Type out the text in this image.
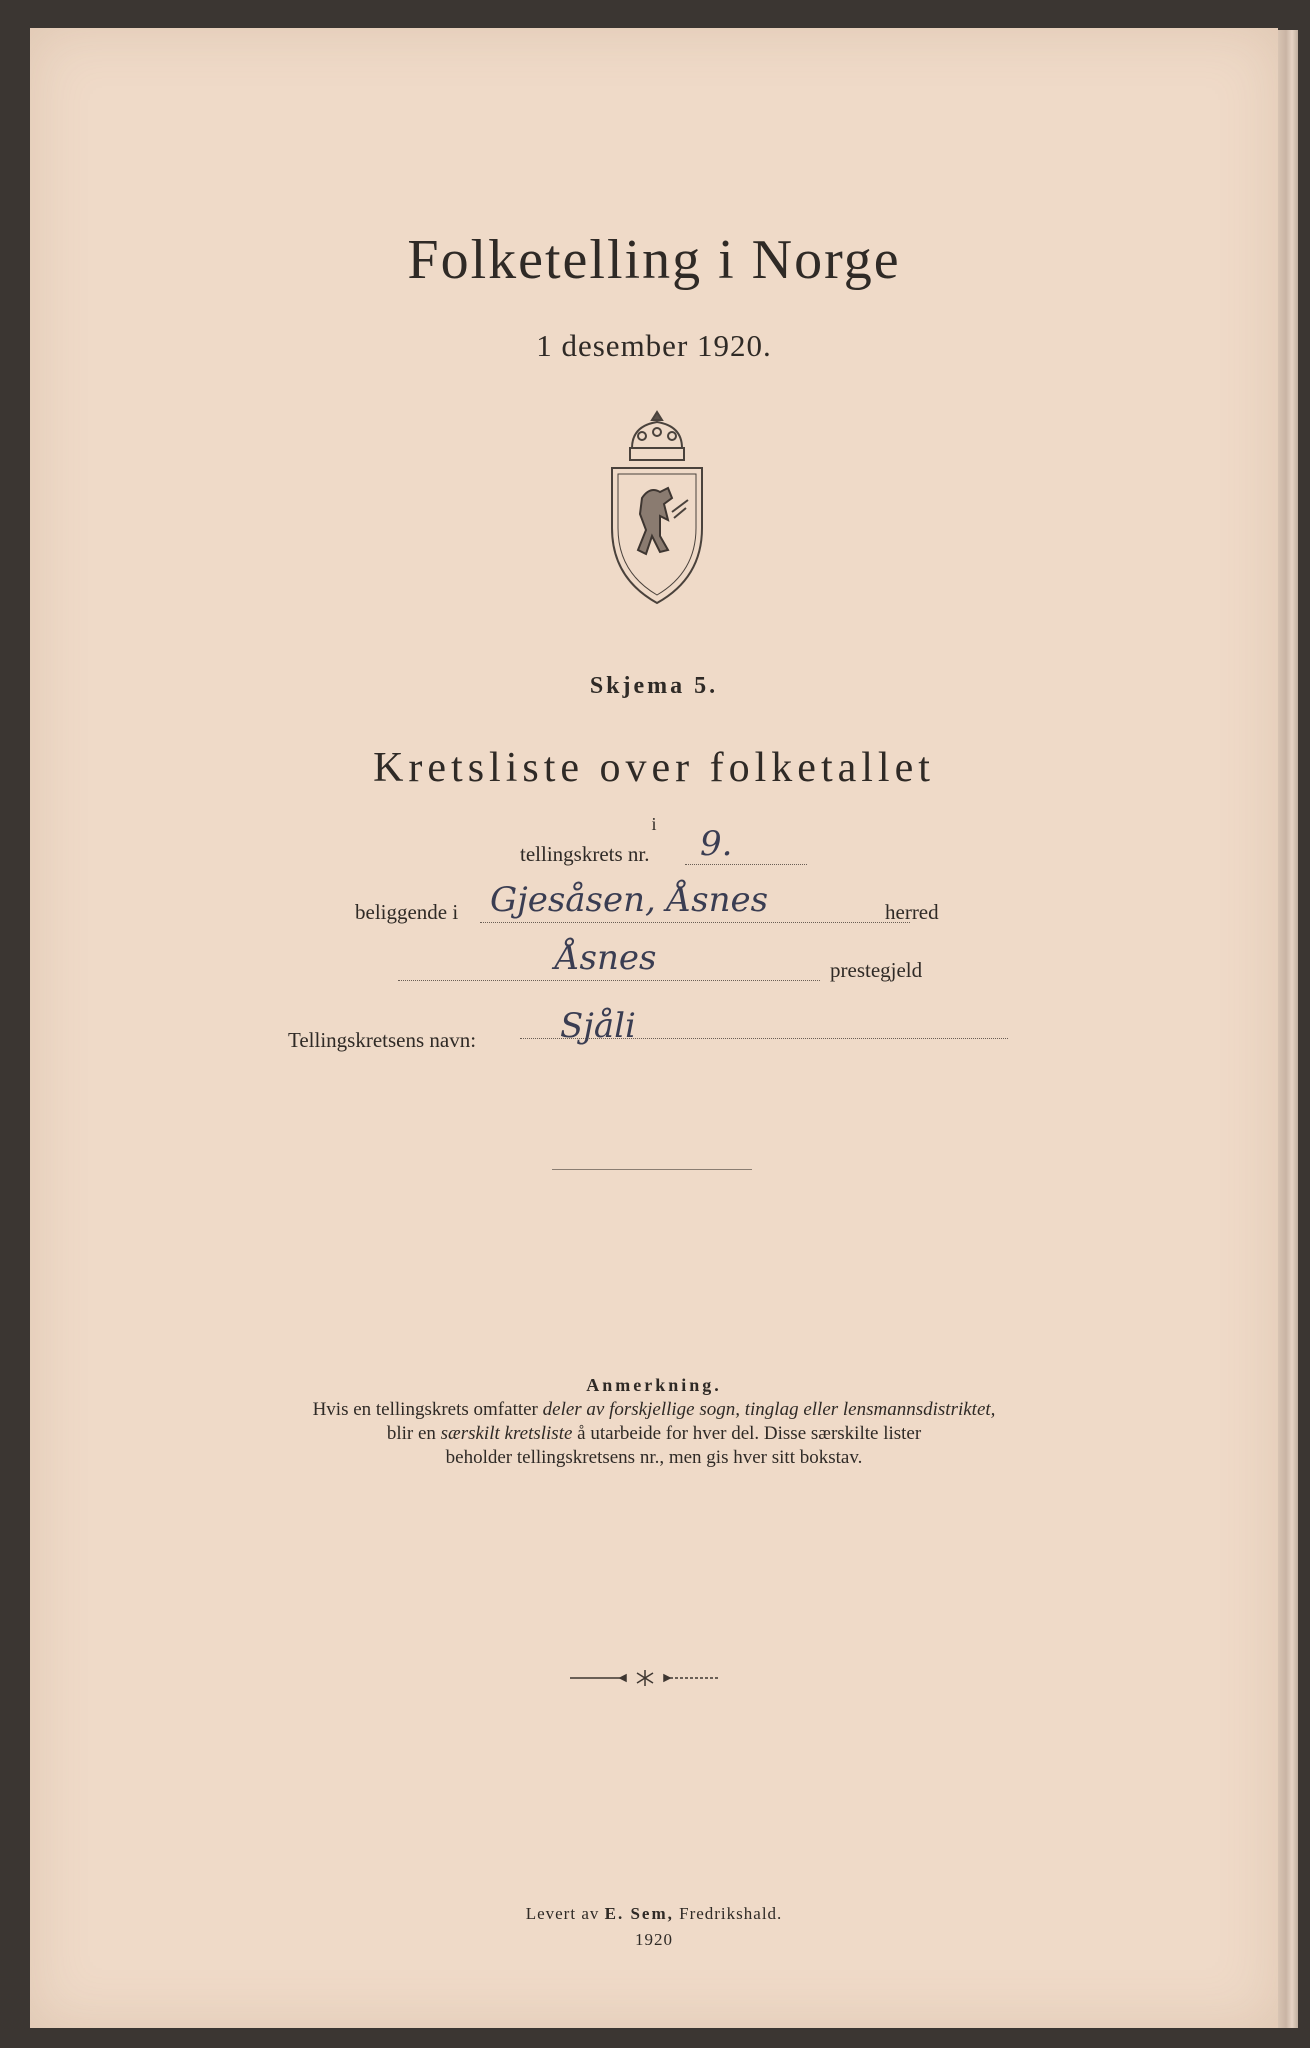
Folketelling i Norge
1 desember 1920.
Skjema 5.
Kretsliste over folketallet
i
tellingskrets nr. 9.
beliggende i Gjesåsen, Åsnes	herred
Åsnes	prestegjeld
Tellingskretsens navn: Sjåli
Anmerkning.
Hvis en tellingskrets omfatter deler av forskjellige sogn, tinglag eller lensmannsdistriktet,
blir en særskilt kretsliste å utarbeide for hver del. Disse særskilte lister
beholder tellingskretsens nr., men gis hver sitt bokstav.
Levert av E. Sem, Fredrikshald.
1920
